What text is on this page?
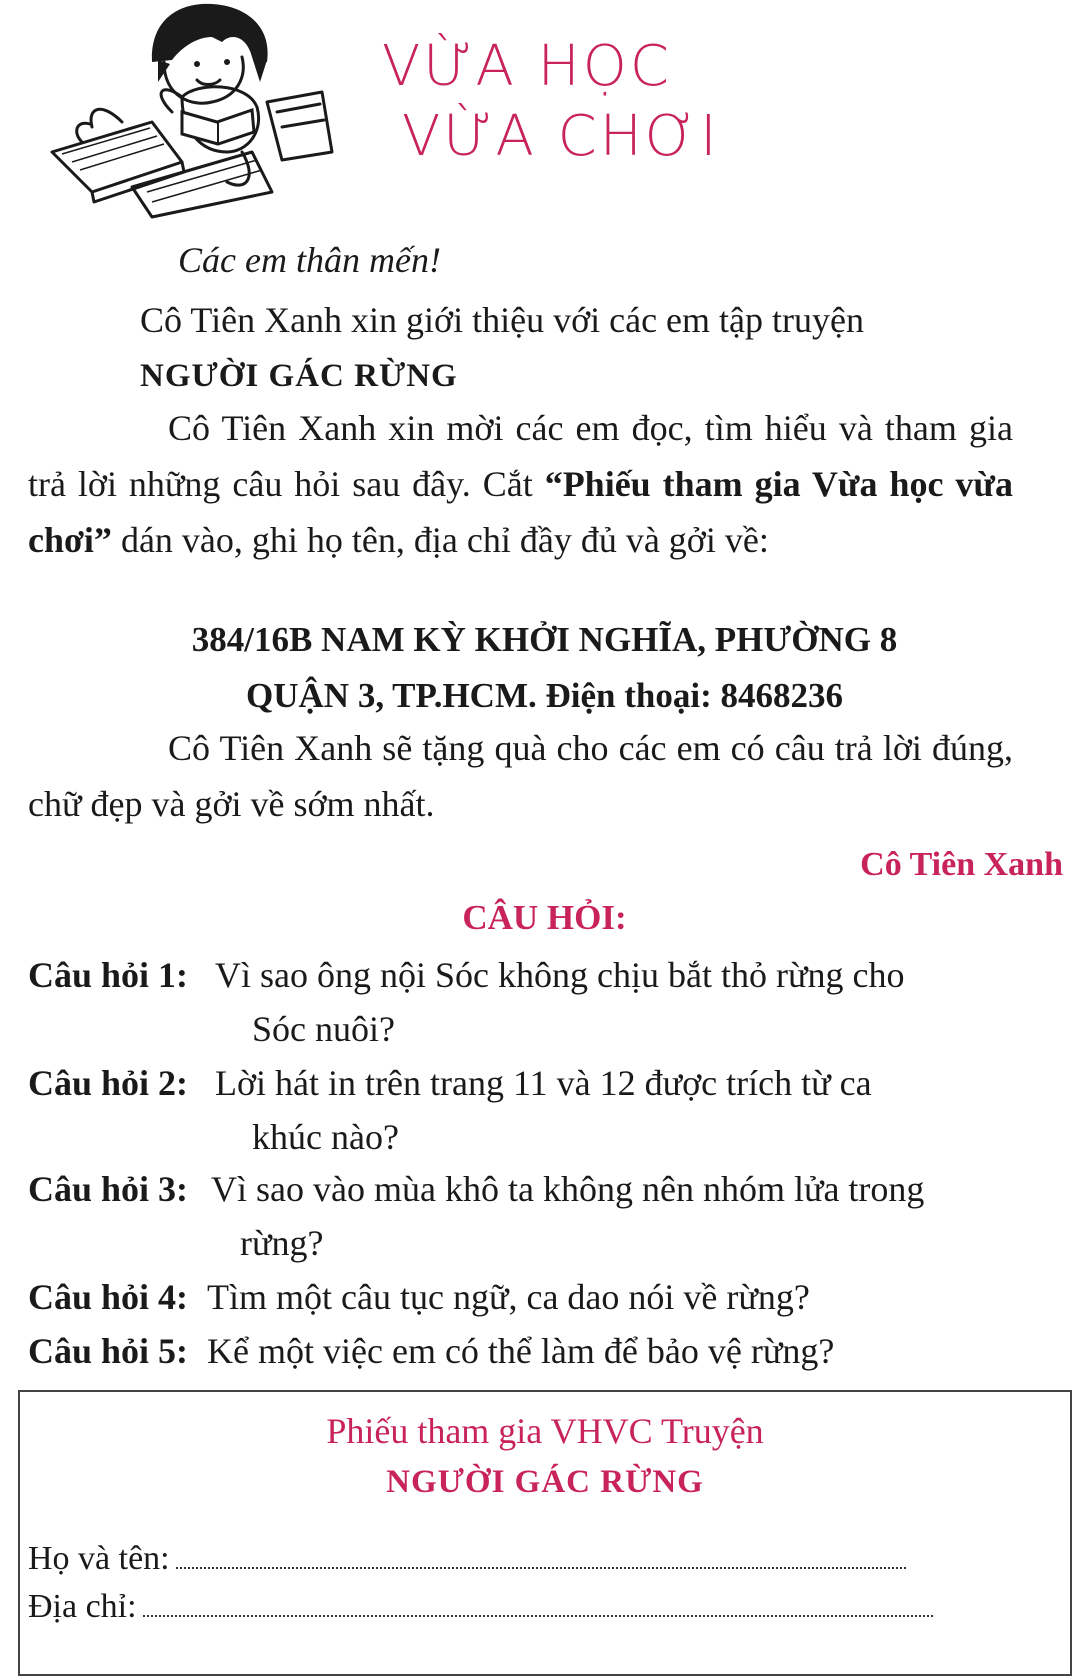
VỪA HỌC
VỪA CHƠI
Các em thân mến!
Cô Tiên Xanh xin giới thiệu với các em tập truyện
NGƯỜI GÁC RỪNG
Cô Tiên Xanh xin mời các em đọc, tìm hiểu và tham gia trả lời những câu hỏi sau đây. Cắt “Phiếu tham gia Vừa học vừa chơi” dán vào, ghi họ tên, địa chỉ đầy đủ và gởi về:
384/16B NAM KỲ KHỞI NGHĨA, PHƯỜNG 8
QUẬN 3, TP.HCM. Điện thoại: 8468236
Cô Tiên Xanh sẽ tặng quà cho các em có câu trả lời đúng, chữ đẹp và gởi về sớm nhất.
Cô Tiên Xanh
CÂU HỎI:
Câu hỏi 1: Vì sao ông nội Sóc không chịu bắt thỏ rừng cho
Sóc nuôi?
Câu hỏi 2: Lời hát in trên trang 11 và 12 được trích từ ca
khúc nào?
Câu hỏi 3: Vì sao vào mùa khô ta không nên nhóm lửa trong
rừng?
Câu hỏi 4: Tìm một câu tục ngữ, ca dao nói về rừng?
Câu hỏi 5: Kể một việc em có thể làm để bảo vệ rừng?
Phiếu tham gia VHVC Truyện
NGƯỜI GÁC RỪNG
Họ và tên:
Địa chỉ:
